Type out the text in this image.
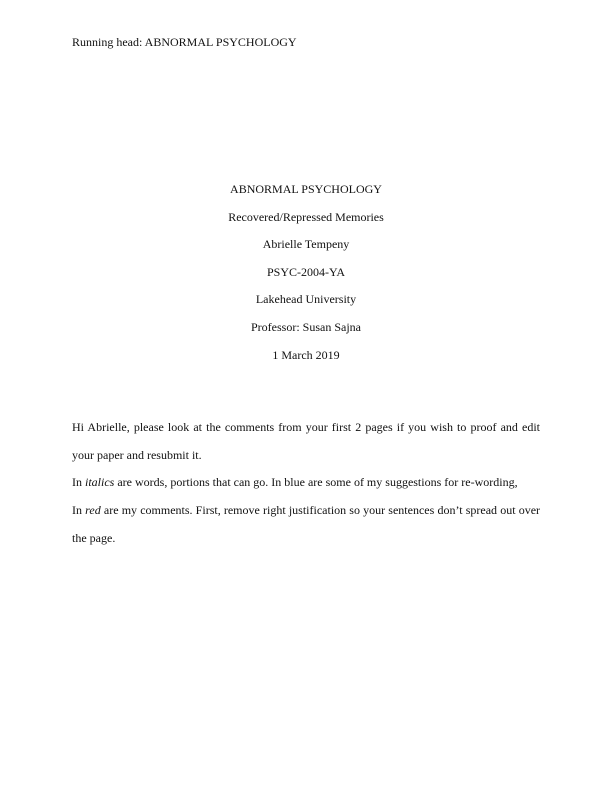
Running head: ABNORMAL PSYCHOLOGY
ABNORMAL PSYCHOLOGY
Recovered/Repressed Memories
Abrielle Tempeny
PSYC-2004-YA
Lakehead University
Professor: Susan Sajna
1 March 2019

Hi Abrielle, please look at the comments from your first 2 pages if you wish to proof and edit your paper and resubmit it.

In italics are words, portions that can go. In blue are some of my suggestions for re-wording,

In red are my comments. First, remove right justification so your sentences don’t spread out over the page.
